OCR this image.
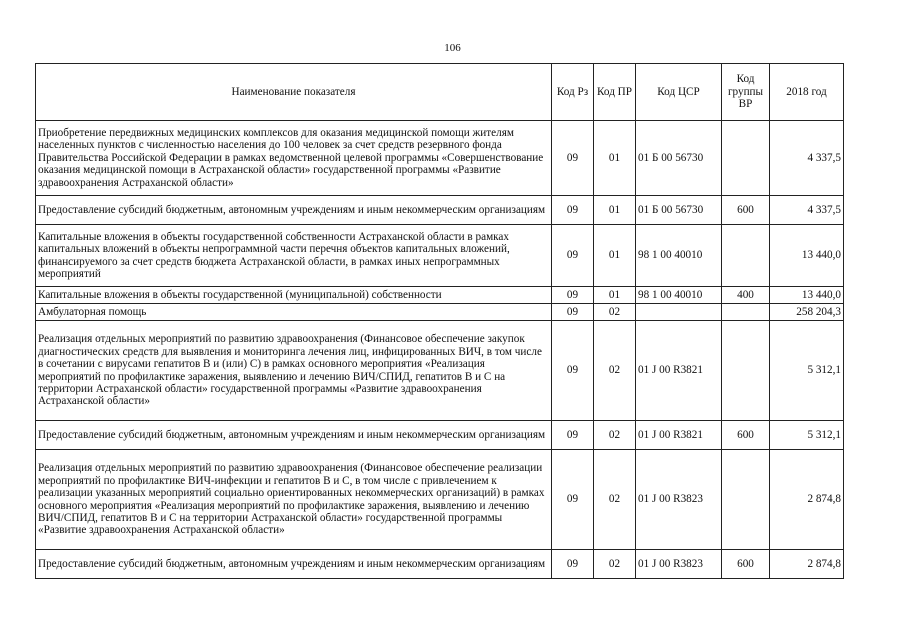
106
Наименование показателя	Код Рз	Код ПР	Код ЦСР	Код группы ВР	2018 год
Приобретение передвижных медицинских комплексов для оказания медицинской помощи жителям населенных пунктов с численностью населения до 100 человек за счет средств резервного фонда Правительства Российской Федерации в рамках ведомственной целевой программы «Совершенствование оказания медицинской помощи в Астраханской области» государственной программы «Развитие здравоохранения Астраханской области»	09	01	01 Б 00 56730		4 337,5
Предоставление субсидий бюджетным, автономным учреждениям и иным некоммерческим организациям	09	01	01 Б 00 56730	600	4 337,5
Капитальные вложения в объекты государственной собственности Астраханской области в рамках капитальных вложений в объекты непрограммной части перечня объектов капитальных вложений, финансируемого за счет средств бюджета Астраханской области, в рамках иных непрограммных мероприятий	09	01	98 1 00 40010		13 440,0
Капитальные вложения в объекты государственной (муниципальной) собственности	09	01	98 1 00 40010	400	13 440,0
Амбулаторная помощь	09	02			258 204,3
Реализация отдельных мероприятий по развитию здравоохранения (Финансовое обеспечение закупок диагностических средств для выявления и мониторинга лечения лиц, инфицированных ВИЧ, в том числе в сочетании с вирусами гепатитов В и (или) С) в рамках основного мероприятия «Реализация мероприятий по профилактике заражения, выявлению и лечению ВИЧ/СПИД, гепатитов В и С на территории Астраханской области» государственной программы «Развитие здравоохранения Астраханской области»	09	02	01 J 00 R3821		5 312,1
Предоставление субсидий бюджетным, автономным учреждениям и иным некоммерческим организациям	09	02	01 J 00 R3821	600	5 312,1
Реализация отдельных мероприятий по развитию здравоохранения (Финансовое обеспечение реализации мероприятий по профилактике ВИЧ-инфекции и гепатитов В и С, в том числе с привлечением к реализации указанных мероприятий социально ориентированных некоммерческих организаций) в рамках основного мероприятия «Реализация мероприятий по профилактике заражения, выявлению и лечению ВИЧ/СПИД, гепатитов В и С на территории Астраханской области» государственной программы «Развитие здравоохранения Астраханской области»	09	02	01 J 00 R3823		2 874,8
Предоставление субсидий бюджетным, автономным учреждениям и иным некоммерческим организациям	09	02	01 J 00 R3823	600	2 874,8
